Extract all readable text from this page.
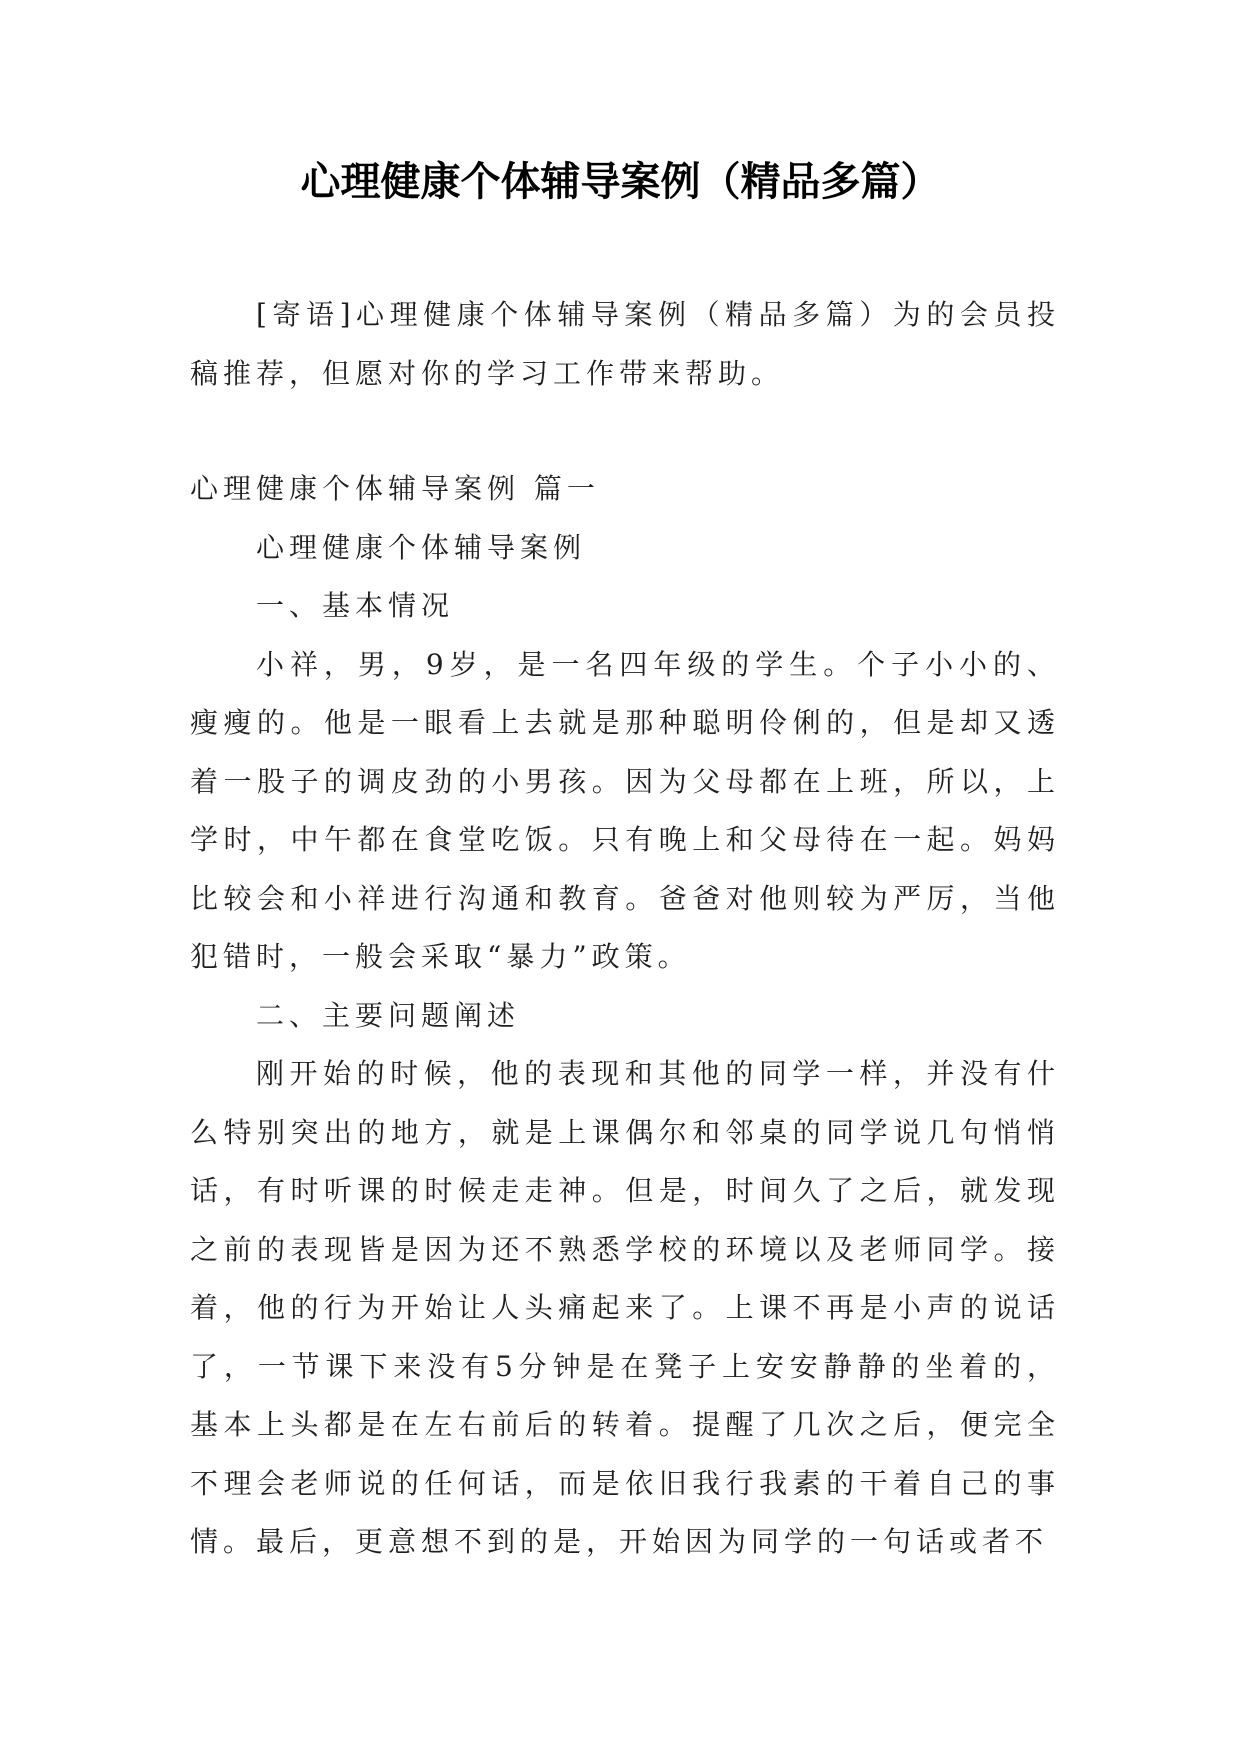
心理健康个体辅导案例（精品多篇）

[寄语]心理健康个体辅导案例（精品多篇）为的会员投稿推荐，但愿对你的学习工作带来帮助。

心理健康个体辅导案例 篇一

心理健康个体辅导案例

一、基本情况

小祥，男，9岁，是一名四年级的学生。个子小小的、瘦瘦的。他是一眼看上去就是那种聪明伶俐的，但是却又透着一股子的调皮劲的小男孩。因为父母都在上班，所以，上学时，中午都在食堂吃饭。只有晚上和父母待在一起。妈妈比较会和小祥进行沟通和教育。爸爸对他则较为严厉，当他犯错时，一般会采取“暴力”政策。

二、主要问题阐述

刚开始的时候，他的表现和其他的同学一样，并没有什么特别突出的地方，就是上课偶尔和邻桌的同学说几句悄悄话，有时听课的时候走走神。但是，时间久了之后，就发现之前的表现皆是因为还不熟悉学校的环境以及老师同学。接着，他的行为开始让人头痛起来了。上课不再是小声的说话了，一节课下来没有5分钟是在凳子上安安静静的坐着的，基本上头都是在左右前后的转着。提醒了几次之后，便完全不理会老师说的任何话，而是依旧我行我素的干着自己的事情。最后，更意想不到的是，开始因为同学的一句话或者不
